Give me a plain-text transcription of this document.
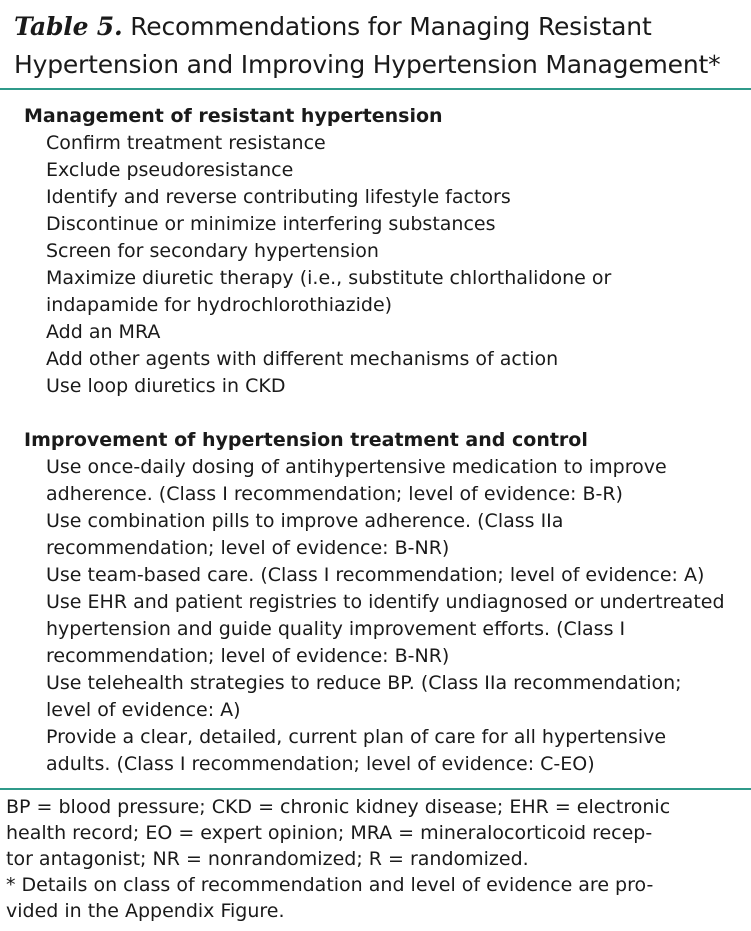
Table 5. Recommendations for Managing Resistant
Hypertension and Improving Hypertension Management*
Management of resistant hypertension
Confirm treatment resistance
Exclude pseudoresistance
Identify and reverse contributing lifestyle factors
Discontinue or minimize interfering substances
Screen for secondary hypertension
Maximize diuretic therapy (i.e., substitute chlorthalidone or
indapamide for hydrochlorothiazide)
Add an MRA
Add other agents with different mechanisms of action
Use loop diuretics in CKD
Improvement of hypertension treatment and control
Use once-daily dosing of antihypertensive medication to improve
adherence. (Class I recommendation; level of evidence: B-R)
Use combination pills to improve adherence. (Class IIa
recommendation; level of evidence: B-NR)
Use team-based care. (Class I recommendation; level of evidence: A)
Use EHR and patient registries to identify undiagnosed or undertreated
hypertension and guide quality improvement efforts. (Class I
recommendation; level of evidence: B-NR)
Use telehealth strategies to reduce BP. (Class IIa recommendation;
level of evidence: A)
Provide a clear, detailed, current plan of care for all hypertensive
adults. (Class I recommendation; level of evidence: C-EO)
BP = blood pressure; CKD = chronic kidney disease; EHR = electronic
health record; EO = expert opinion; MRA = mineralocorticoid recep-
tor antagonist; NR = nonrandomized; R = randomized.
* Details on class of recommendation and level of evidence are pro-
vided in the Appendix Figure.
